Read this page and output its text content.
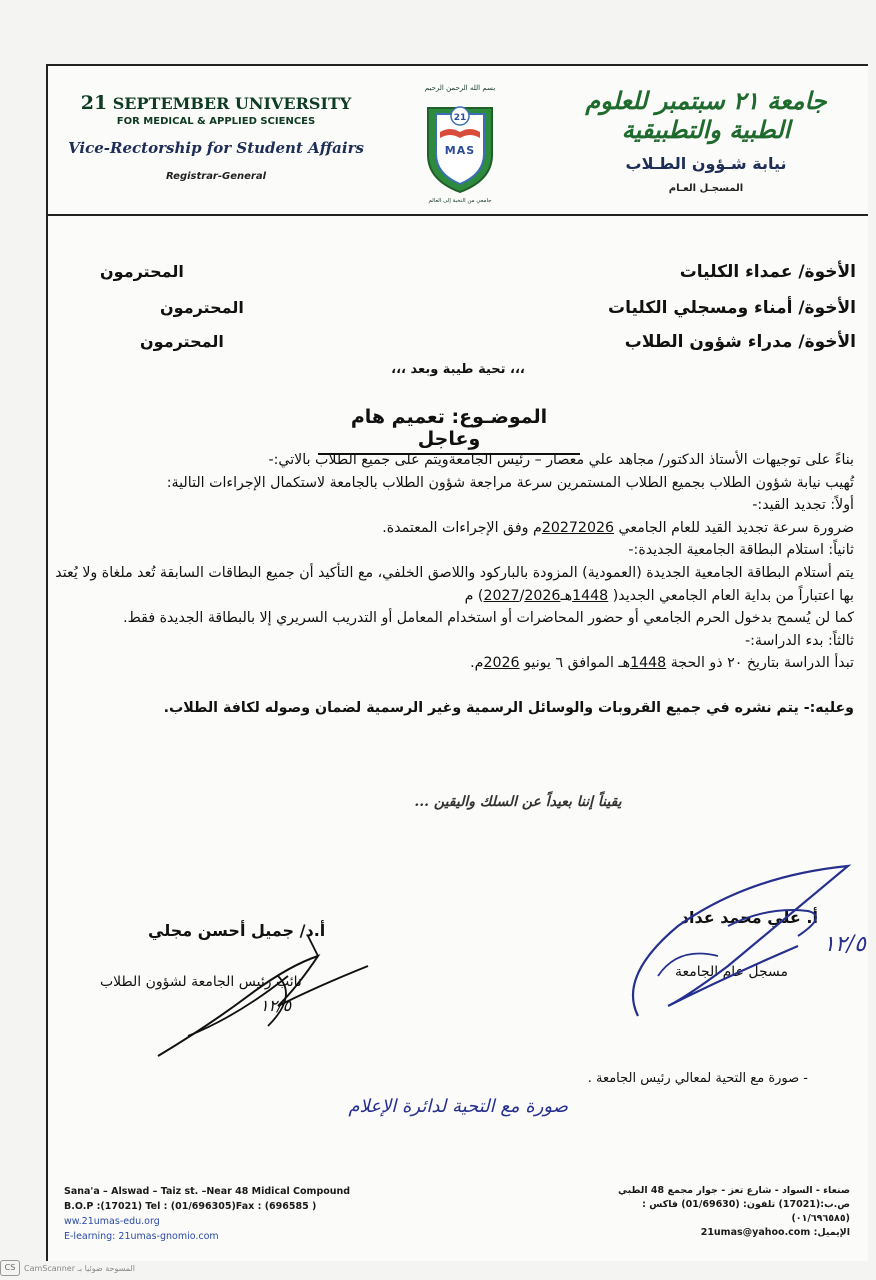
21 SEPTEMBER UNIVERSITY
FOR MEDICAL & APPLIED SCIENCES
Vice-Rectorship for Student Affairs
Registrar-General
بسم الله الرحمن الرحيم
21
MAS
جامعي من النخبة إلى العالم
جامعة ٢١ سبتمبر للعلوم الطبية والتطبيقية
نيابة شـؤون الطـلاب
المسجـل العـام
الأخوة/ عمداء الكليات
الأخوة/ أمناء ومسجلي الكليات
الأخوة/ مدراء شؤون الطلاب
المحترمون
المحترمون
المحترمون
،،، تحية طيبة وبعد ،،،
الموضـوع: تعميم هام وعاجل

بناءً على توجيهات الأستاذ الدكتور/ مجاهد علي معصار – رئيس الجامعةويتم على جميع الطلاب بالاتي:-

تُهيب نيابة شؤون الطلاب بجميع الطلاب المستمرين سرعة مراجعة شؤون الطلاب بالجامعة لاستكمال الإجراءات التالية:

أولاً: تجديد القيد:-

ضرورة سرعة تجديد القيد للعام الجامعي 20272026م وفق الإجراءات المعتمدة.

ثانياً: استلام البطاقة الجامعية الجديدة:-

يتم أستلام البطاقة الجامعية الجديدة (العمودية) المزودة بالباركود واللاصق الخلفي، مع التأكيد أن جميع البطاقات السابقة تُعد ملغاة ولا يُعتد بها اعتباراً من بداية العام الجامعي الجديد( 1448هـ2027/2026) م

كما لن يُسمح بدخول الحرم الجامعي أو حضور المحاضرات أو استخدام المعامل أو التدريب السريري إلا بالبطاقة الجديدة فقط.

ثالثاً: بدء الدراسة:-

تبدأ الدراسة بتاريخ ٢٠ ذو الحجة 1448هـ الموافق ٦ يونيو 2026م.

وعليه:- يتم نشره في جميع القروبات والوسائل الرسمية وغير الرسمية لضمان وصوله لكافة الطلاب.

يقيناً إننا بعيداً عن السلك واليقين ...
أ. علي محمد عداد
مسجل عام الجامعة
١٢/٥
أ.د/ جميل أحسن مجلي
نائب رئيس الجامعة لشؤون الطلاب
١٢/٥
- صورة مع التحية لمعالي رئيس الجامعة .
صورة مع التحية لدائرة الإعلام
Sana'a – Alswad – Taiz st. –Near 48 Midical Compound
B.O.P :(17021) Tel : (01/696305)Fax : (696585 )
ww.21umas-edu.org
E-learning: 21umas-gnomio.com
صنعاء - السواد - شارع تعز - جوار مجمع 48 الطبي
ص.ب:(17021) تلفون: (01/69630) فاكس :
(٠١/٦٩٦٥٨٥)
الإيميل: 21umas@yahoo.com
CS	CamScanner المسوحة ضوئيا بـ
